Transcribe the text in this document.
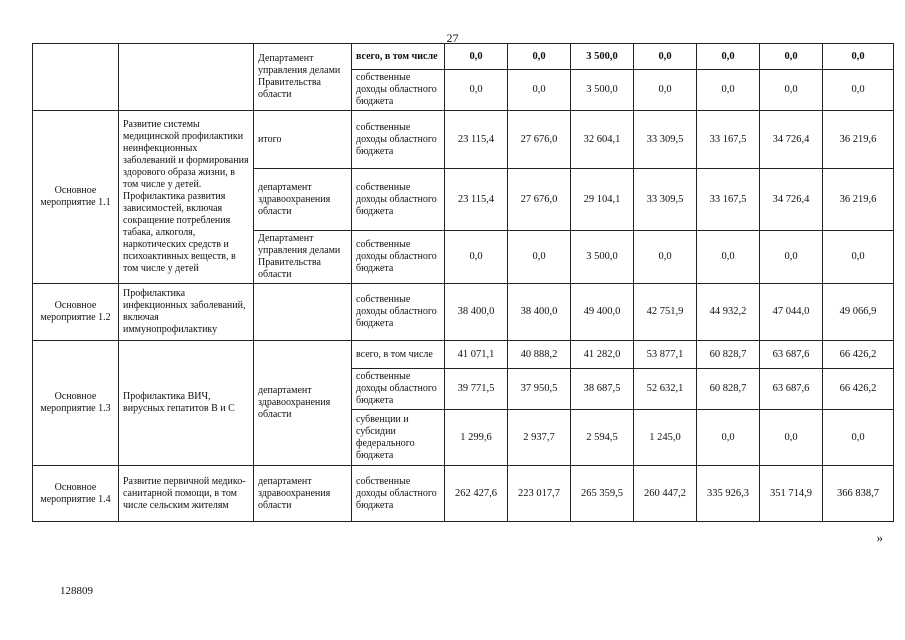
27
		Департамент управления делами Правительства области	всего, в том числе	0,0	0,0	3 500,0	0,0	0,0	0,0	0,0
			собственные доходы областного бюджета	0,0	0,0	3 500,0	0,0	0,0	0,0	0,0
Основное мероприятие 1.1	Развитие системы медицинской профилактики неинфекционных заболеваний и формирования здорового образа жизни, в том числе у детей. Профилактика развития зависимостей, включая сокращение потребления табака, алкоголя, наркотических средств и психоактивных веществ, в том числе у детей	итого	собственные доходы областного бюджета	23 115,4	27 676,0	32 604,1	33 309,5	33 167,5	34 726,4	36 219,6
		департамент здравоохранения области	собственные доходы областного бюджета	23 115,4	27 676,0	29 104,1	33 309,5	33 167,5	34 726,4	36 219,6
		Департамент управления делами Правительства области	собственные доходы областного бюджета	0,0	0,0	3 500,0	0,0	0,0	0,0	0,0
Основное мероприятие 1.2	Профилактика инфекционных заболеваний, включая иммунопрофилактику		собственные доходы областного бюджета	38 400,0	38 400,0	49 400,0	42 751,9	44 932,2	47 044,0	49 066,9
Основное мероприятие 1.3	Профилактика ВИЧ, вирусных гепатитов В и С	департамент здравоохранения области	всего, в том числе	41 071,1	40 888,2	41 282,0	53 877,1	60 828,7	63 687,6	66 426,2
			собственные доходы областного бюджета	39 771,5	37 950,5	38 687,5	52 632,1	60 828,7	63 687,6	66 426,2
			субвенции и субсидии федерального бюджета	1 299,6	2 937,7	2 594,5	1 245,0	0,0	0,0	0,0
Основное мероприятие 1.4	Развитие первичной медико-санитарной помощи, в том числе сельским жителям	департамент здравоохранения области	собственные доходы областного бюджета	262 427,6	223 017,7	265 359,5	260 447,2	335 926,3	351 714,9	366 838,7
»
128809
